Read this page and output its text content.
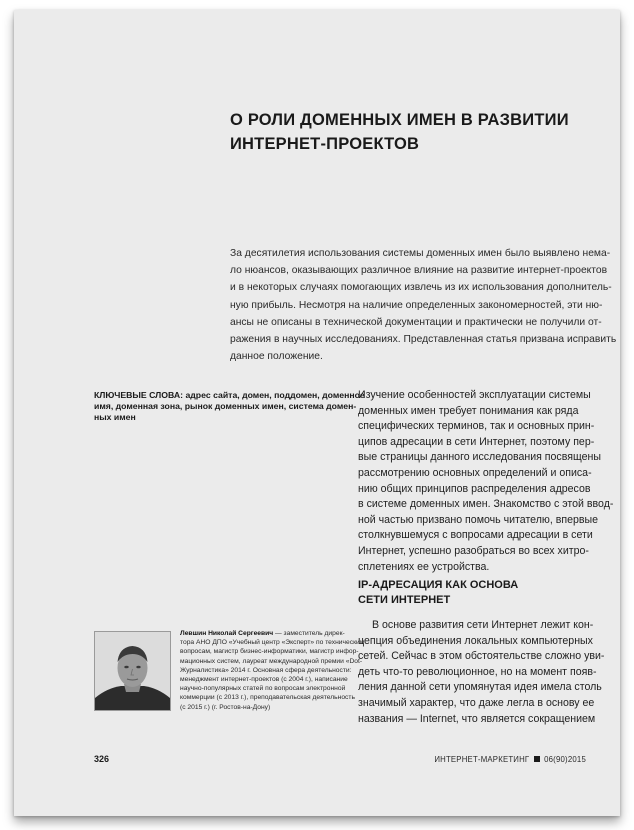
О РОЛИ ДОМЕННЫХ ИМЕН В РАЗВИТИИ
ИНТЕРНЕТ-ПРОЕКТОВ
За десятилетия использования системы доменных имен было выявлено нема-
ло нюансов, оказывающих различное влияние на развитие интернет-проектов
и в некоторых случаях помогающих извлечь из их использования дополнитель-
ную прибыль. Несмотря на наличие определенных закономерностей, эти ню-
ансы не описаны в технической документации и практически не получили от-
ражения в научных исследованиях. Представленная статья призвана исправить
данное положение.
КЛЮЧЕВЫЕ СЛОВА: адрес сайта, домен, поддомен, доменное
имя, доменная зона, рынок доменных имен, система домен-
ных имен
Изучение особенностей эксплуатации системы
доменных имен требует понимания как ряда
специфических терминов, так и основных прин-
ципов адресации в сети Интернет, поэтому пер-
вые страницы данного исследования посвящены
рассмотрению основных определений и описа-
нию общих принципов распределения адресов
в системе доменных имен. Знакомство с этой ввод-
ной частью призвано помочь читателю, впервые
столкнувшемуся с вопросами адресации в сети
Интернет, успешно разобраться во всех хитро-
сплетениях ее устройства.
IP-АДРЕСАЦИЯ КАК ОСНОВА
СЕТИ ИНТЕРНЕТ
В основе развития сети Интернет лежит кон-
цепция объединения локальных компьютерных
сетей. Сейчас в этом обстоятельстве сложно уви-
деть что-то революционное, но на момент появ-
ления данной сети упомянутая идея имела столь
значимый характер, что даже легла в основу ее
названия — Internet, что является сокращением
Левшин Николай Сергеевич — заместитель дирек-
тора АНО ДПО «Учебный центр «Эксперт» по техническим
вопросам, магистр бизнес-информатики, магистр инфор-
мационных систем, лауреат международной премии «Dot-
Журналистика» 2014 г. Основная сфера деятельности:
менеджмент интернет-проектов (с 2004 г.), написание
научно-популярных статей по вопросам электронной
коммерции (с 2013 г.), преподавательская деятельность
(с 2015 г.) (г. Ростов-на-Дону)
326	ИНТЕРНЕТ-МАРКЕТИНГ 06(90)2015
